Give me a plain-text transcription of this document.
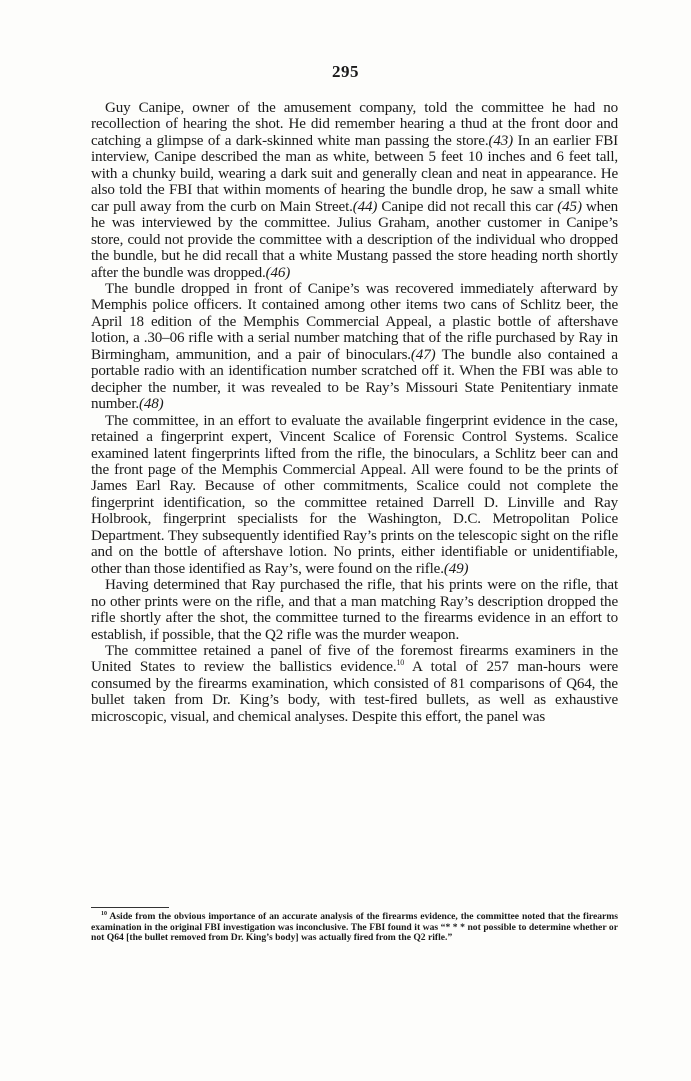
295

Guy Canipe, owner of the amusement company, told the committee he had no recollection of hearing the shot. He did remember hearing a thud at the front door and catching a glimpse of a dark-skinned white man passing the store.(43) In an earlier FBI interview, Canipe described the man as white, between 5 feet 10 inches and 6 feet tall, with a chunky build, wearing a dark suit and generally clean and neat in appearance. He also told the FBI that within moments of hearing the bundle drop, he saw a small white car pull away from the curb on Main Street.(44) Canipe did not recall this car (45) when he was interviewed by the committee. Julius Graham, another customer in Canipe’s store, could not provide the committee with a description of the individual who dropped the bundle, but he did recall that a white Mustang passed the store heading north shortly after the bundle was dropped.(46)

The bundle dropped in front of Canipe’s was recovered immediately afterward by Memphis police officers. It contained among other items two cans of Schlitz beer, the April 18 edition of the Memphis Commercial Appeal, a plastic bottle of aftershave lotion, a .30–06 rifle with a serial number matching that of the rifle purchased by Ray in Birmingham, ammunition, and a pair of binoculars.(47) The bundle also contained a portable radio with an identification number scratched off it. When the FBI was able to decipher the number, it was revealed to be Ray’s Missouri State Penitentiary inmate number.(48)

The committee, in an effort to evaluate the available fingerprint evidence in the case, retained a fingerprint expert, Vincent Scalice of Forensic Control Systems. Scalice examined latent fingerprints lifted from the rifle, the binoculars, a Schlitz beer can and the front page of the Memphis Commercial Appeal. All were found to be the prints of James Earl Ray. Because of other commitments, Scalice could not complete the fingerprint identification, so the committee retained Darrell D. Linville and Ray Holbrook, fingerprint specialists for the Washington, D.C. Metropolitan Police Department. They subsequently identified Ray’s prints on the telescopic sight on the rifle and on the bottle of aftershave lotion. No prints, either identifiable or unidentifiable, other than those identified as Ray’s, were found on the rifle.(49)

Having determined that Ray purchased the rifle, that his prints were on the rifle, that no other prints were on the rifle, and that a man matching Ray’s description dropped the rifle shortly after the shot, the committee turned to the firearms evidence in an effort to establish, if possible, that the Q2 rifle was the murder weapon.

The committee retained a panel of five of the foremost firearms examiners in the United States to review the ballistics evidence.$^{10}$ A total of 257 man-hours were consumed by the firearms examination, which consisted of 81 comparisons of Q64, the bullet taken from Dr. King’s body, with test-fired bullets, as well as exhaustive microscopic, visual, and chemical analyses. Despite this effort, the panel was

$^{10}$ Aside from the obvious importance of an accurate analysis of the firearms evidence, the committee noted that the firearms examination in the original FBI investigation was inconclusive. The FBI found it was “* * * not possible to determine whether or not Q64 [the bullet removed from Dr. King’s body] was actually fired from the Q2 rifle.”
